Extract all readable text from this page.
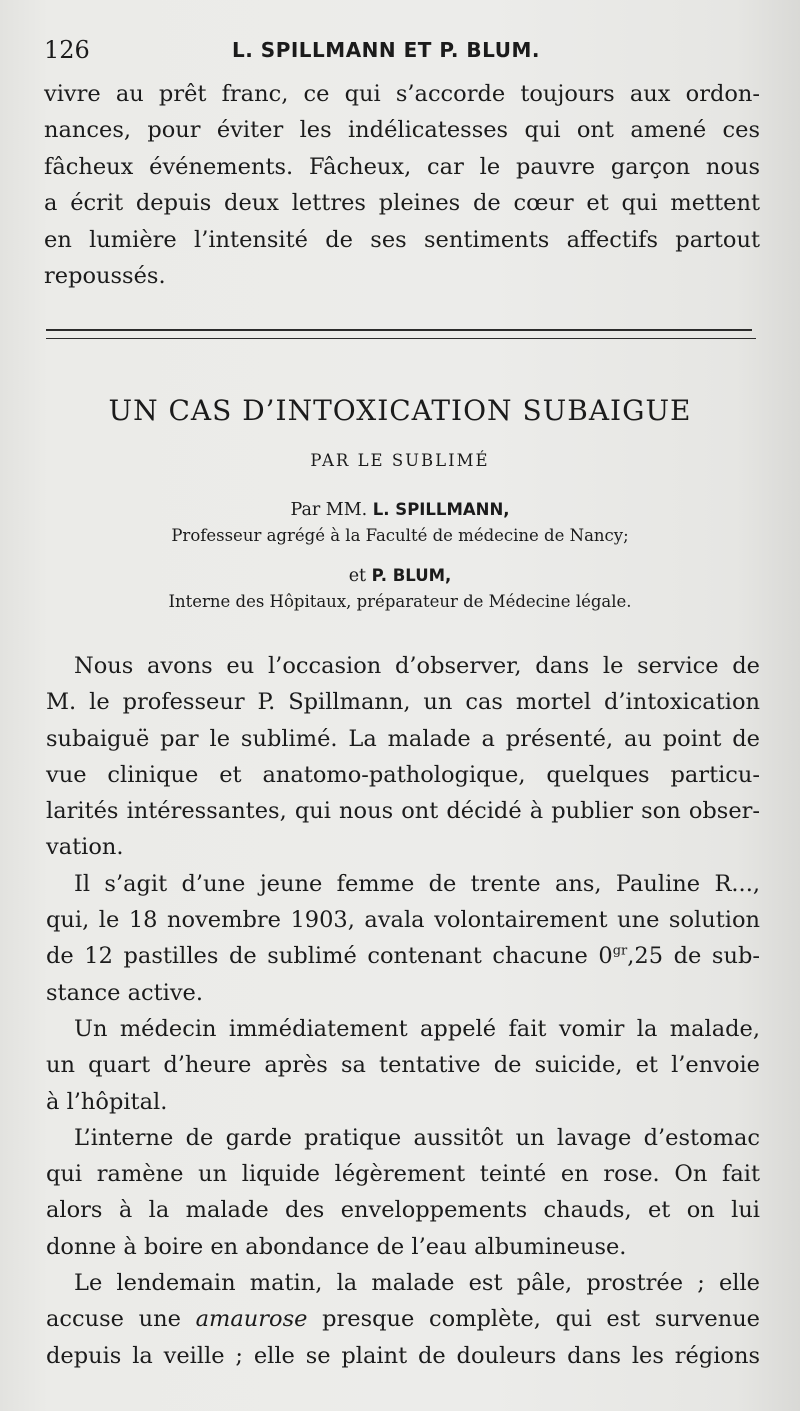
126	L. SPILLMANN ET P. BLUM.
vivre au prêt franc, ce qui s’accorde toujours aux ordon-
nances, pour éviter les indélicatesses qui ont amené ces
fâcheux événements. Fâcheux, car le pauvre garçon nous
a écrit depuis deux lettres pleines de cœur et qui mettent
en lumière l’intensité de ses sentiments affectifs partout
repoussés.
UN CAS D’INTOXICATION SUBAIGUE
PAR LE SUBLIMÉ
Par MM. L. SPILLMANN,
Professeur agrégé à la Faculté de médecine de Nancy;
et P. BLUM,
Interne des Hôpitaux, préparateur de Médecine légale.
Nous avons eu l’occasion d’observer, dans le service de
M. le professeur P. Spillmann, un cas mortel d’intoxication
subaiguë par le sublimé. La malade a présenté, au point de
vue clinique et anatomo-pathologique, quelques particu-
larités intéressantes, qui nous ont décidé à publier son obser-
vation.
Il s’agit d’une jeune femme de trente ans, Pauline R...,
qui, le 18 novembre 1903, avala volontairement une solution
de 12 pastilles de sublimé contenant chacune $0^{gr},25$ de sub-
stance active.
Un médecin immédiatement appelé fait vomir la malade,
un quart d’heure après sa tentative de suicide, et l’envoie
à l’hôpital.
L’interne de garde pratique aussitôt un lavage d’estomac
qui ramène un liquide légèrement teinté en rose. On fait
alors à la malade des enveloppements chauds, et on lui
donne à boire en abondance de l’eau albumineuse.
Le lendemain matin, la malade est pâle, prostrée ; elle
accuse une amaurose presque complète, qui est survenue
depuis la veille ; elle se plaint de douleurs dans les régions
